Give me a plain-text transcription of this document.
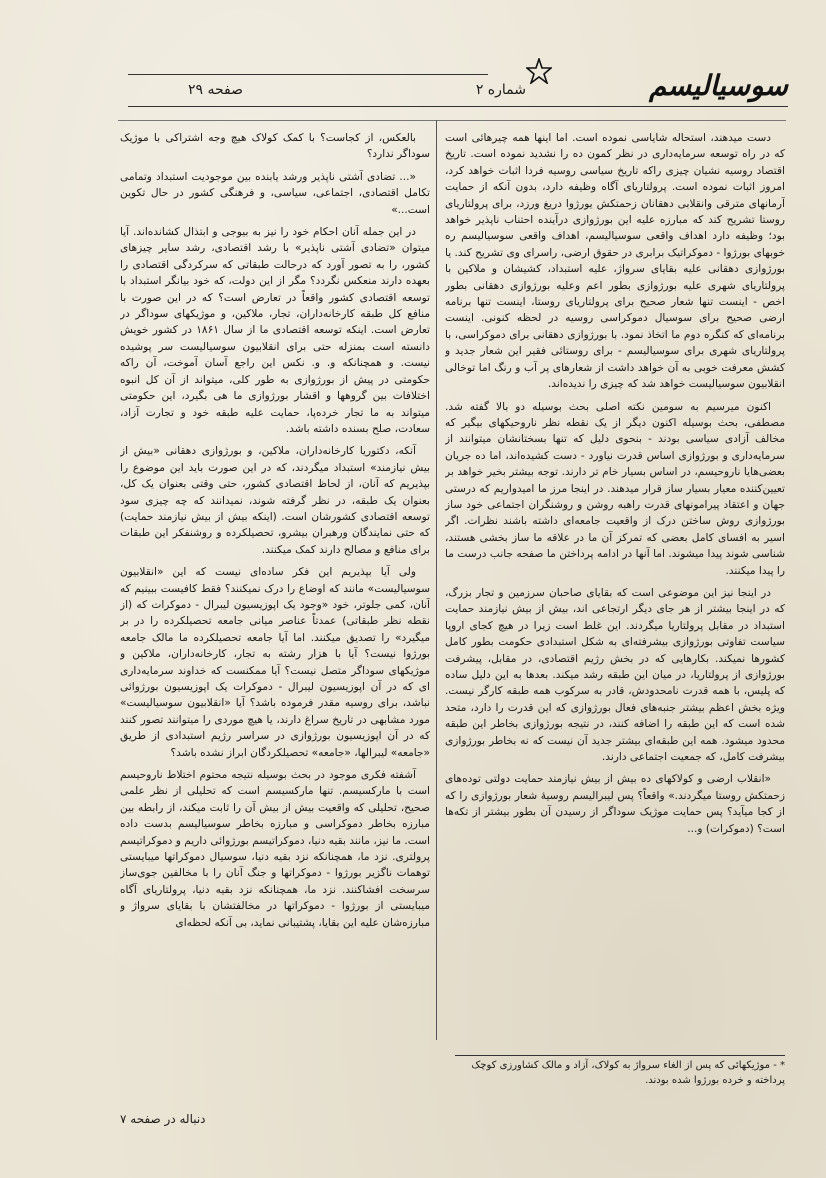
سوسیالیسم
شماره ۲
صفحه ۲۹

دست میدهند، استحاله شایاسی نموده است. اما اینها همه چیرهائی است که در راه توسعه سرمایه‌داری در نظر کمون ده را نشدید نموده است. تاریخ اقتصاد روسیه نشیان چیزی راکه تاریخ سیاسی روسیه فردا اثبات خواهد کرد، امروز اثبات نموده است. پرولتاریای آگاه وظیفه دارد، بدون آنکه از حمایت آرمانهای مترقی وانقلابی دهقانان زحمتکش یورژوا دریغ ورزد، برای پرولتاریای روستا تشریح کند که مبارزه علیه این بورژوازی درآینده احتناب ناپذیر خواهد بود؛ وظیفه دارد اهداف واقعی سوسیالیسم، اهداف واقعی سوسیالیسم ره خوبهای بورژوا - دموکراتیک برابری در حقوق ارضی، راسرای وی تشریح کند. یا بورژوازی دهقانی علیه بقایای سرواژ، علیه استبداد، کشیشان و ملاکین با پرولتاریای شهری علیه بورژوازی بطور اعم وعلیه بورژوازی دهقانی بطور اخص - اینست تنها شعار صحیح برای پرولتاریای روستا، اینست تنها برنامه ارضی صحیح برای سوسیال دموکراسی روسیه در لحظه کنونی. اینست برنامه‌ای که کنگره دوم ما اتخاذ نمود. با بورژوازی دهقانی برای دموکراسی، با پرولتاریای شهری برای سوسیالیسم - برای روستائی فقیر این شعار جدید و کشش معرفت خوبی به آن خواهد داشت از شعارهای پر آب و رنگ اما توخالی انقلابیون سوسیالیست خواهد شد که چیزی را ندیده‌اند.

اکنون میرسیم به سومین نکته اصلی بحث بوسیله دو بالا گفته شد. مصطفی، بحث بوسیله اکنون دیگر از یک نقطه نظر ناروحیکهای بیگیر که مخالف آزادی سیاسی بودند - بنحوی دلیل که تنها بسختانشان میتوانند از سرمایه‌داری و بورژوازی اساس قدرت نیاورد - دست کشیده‌اند، اما ده جریان بعضی‌هایا ناروحیسم، در اساس بسیار خام تر دارند. توجه بیشتر بخیر خواهد بر تعیین‌کننده معیار بسیار ساز قرار میدهند. در اینجا مرز ما امیدواریم که درستی جهان و اعتقاد پیرامونهای قدرت راهبه روشن و روشنگران اجتماعی خود ساز بورژوازی روش ساختن درک از واقعیت جامعه‌ای داشته باشند نظرات. اگر اسیر به افسای کامل بعضی که تمرکز آن ما در علاقه ما ساز بخشی هستند، شناسی شوند پیدا میشوند. اما آنها در ادامه پرداختن ما صفحه جانب درست ما را پیدا میکنند.

در اینجا نیز این موضوعی است که بقایای صاحبان سرزمین و تجار بزرگ، که در اینجا بیشتر از هر جای دیگر ارتجاعی اند، بیش از بیش نیازمند حمایت استبداد در مقابل پرولتاریا میگردند. این غلط است زیرا در هیچ کجای اروپا سیاست تفاوتی بورژوازی بیشرفته‌ای به شکل استبدادی حکومت بطور کامل کشورها نمیکند. بکارهایی که در بخش رژیم اقتصادی، در مقابل، پیشرفت بورژوازی از پرولتاریا، در میان این طبقه رشد میکند. بعدها به این دلیل ساده که پلیس، با همه قدرت نامحدودش، قادر به سرکوب همه طبقه کارگر نیست. ویژه بخش اعظم بیشتر جنبه‌های فعال بورژوازی که این قدرت را دارد، متحد شده است که این طبقه را اضافه کنند، در نتیجه بورژوازی بخاطر این طبقه محدود میشود. همه این طبقه‌ای بیشتر جدید آن نیست که نه بخاطر بورژوازی بیشرفت کامل، که جمعیت اجتماعی دارند.

«انقلاب ارضی و کولاکهای ده بیش از بیش نیازمند حمایت دولتی توده‌های زحمتکش روستا میگردند.» واقعاً؟ پس لیبرالیسم روسیهٔ شعار بورژوازی را که از کجا میآید؟ پس حمایت موژیک سوداگر از رسیدن آن بطور بیشتر از تکه‌ها است؟ (دموکرات) و...

بالعکس، از کجاست؟ با کمک کولاک هیچ وجه اشتراکی با موژیک سوداگر ندارد؟

«... تضادی آشتی ناپذیر ورشد یابنده بین موجودیت استبداد وتمامی تکامل اقتصادی، اجتماعی، سیاسی، و فرهنگی کشور در حال تکوین است...»

در این جمله آنان احکام خود را نیز به بیوجی و ابتذال کشانده‌اند. آیا میتوان «تضادی آشتی ناپذیر» با رشد اقتصادی، رشد سایر چیزهای کشور، را به تصور آورد که درحالت طبقاتی که سرکردگی اقتصادی را بعهده دارند منعکس نگردد؟ مگر از این دولت، که خود بیانگر استبداد با توسعه اقتصادی کشور واقعاً در تعارض است؟ که در این صورت با منافع کل طبقه کارخانه‌داران، تجار، ملاکین، و موژیکهای سوداگر در تعارض است. اینکه توسعه اقتصادی ما از سال ۱۸۶۱ در کشور خویش دانسته است بمنزله حتی برای انقلابیون سوسیالیست سر پوشیده نیست. و همچنانکه و. و. نکس این راجع آسان آموخت، آن راکه حکومتی در پیش از بورژوازی به طور کلی، میتواند از آن کل انبوه اختلافات بین گروهها و اقشار بورژوازی ما هی بگیرد، این حکومتی میتواند به ما تجار خرده‌پا، حمایت علیه طبقه خود و تجارت آزاد، سعادت، صلح بسنده داشته باشد.

آنکه، دکتوریا کارخانه‌داران، ملاکین، و بورژوازی دهقانی «بیش از بیش نیازمند» استبداد میگردند، که در این صورت باید این موضوع را بپذیریم که آنان، از لحاظ اقتصادی کشور، حتی وقتی بعنوان یک کل، بعنوان یک طبقه، در نظر گرفته شوند، نمیدانند که چه چیزی سود توسعه اقتصادی کشورشان است. (اینکه بیش از بیش نیازمند حمایت) که حتی نمایندگان ورهبران بیشرو، تحصیلکرده و روشنفکر این طبقات برای منافع و مصالح دارند کمک میکنند.

ولی آیا بپذیریم این فکر ساده‌ای نیست که این «انقلابیون سوسیالیست» مانند که اوضاع را درک نمیکنند؟ فقط کافیست ببینیم که آنان، کمی جلوتر، خود «وجود یک اپوزیسیون لیبرال - دموکرات که (از نقطه نظر طبقاتی) عمدتاً عناصر میانی جامعه تحصیلکرده را در بر میگیرد» را تصدیق میکنند. اما آیا جامعه تحصیلکرده ما مالک جامعه بورژوا نیست؟ آیا با هزار رشته به تجار، کارخانه‌داران، ملاکین و موژیکهای سوداگر متصل نیست؟ آیا ممکنست که خداوند سرمایه‌داری ای که در آن اپوزیسیون لیبرال - دموکرات یک اپوزیسیون بورژوائی نباشد، برای روسیه مقدر فرموده باشد؟ آیا «انقلابیون سوسیالیست» مورد مشابهی در تاریخ سراغ دارند، یا هیچ موردی را میتوانند تصور کنند که در آن اپوزیسیون بورژوازی در سراسر رژیم استبدادی از طریق «جامعه» لیبرالها، «جامعه» تحصیلکردگان ابراز نشده باشد؟

آشفته فکری موجود در بحث بوسیله نتیجه محتوم اختلاط ناروحیسم است با مارکسیسم. تنها مارکسیسم است که تحلیلی از نظر علمی صحیح، تحلیلی که واقعیت بیش از بیش آن را ثابت میکند، از رابطه بین مبارزه بخاطر دموکراسی و مبارزه بخاطر سوسیالیسم بدست داده است. ما نیز، مانند بقیه دنیا، دموکراتیسم بورژوائی داریم و دموکراتیسم پرولتری. نزد ما، همچنانکه نزد بقیه دنیا، سوسیال دموکراتها میبایستی توهمات ناگزیر بورژوا - دموکراتها و جنگ آنان را با مخالفین جوی‌ساز سرسخت افشاکنند. نزد ما، همچنانکه نزد بقیه دنیا، پرولتاریای آگاه میبایستی از بورژوا - دموکراتها در مخالفتشان با بقایای سرواژ و مبارزه‌شان علیه این بقایا، پشتیبانی نماید، بی آنکه لحظه‌ای

* - موژیکهائی که پس از الغاء سرواژ به کولاک، آزاد و مالک کشاورزی کوچک پرداخته و خرده بورژوا شده بودند.
دنباله در صفحه ۷
